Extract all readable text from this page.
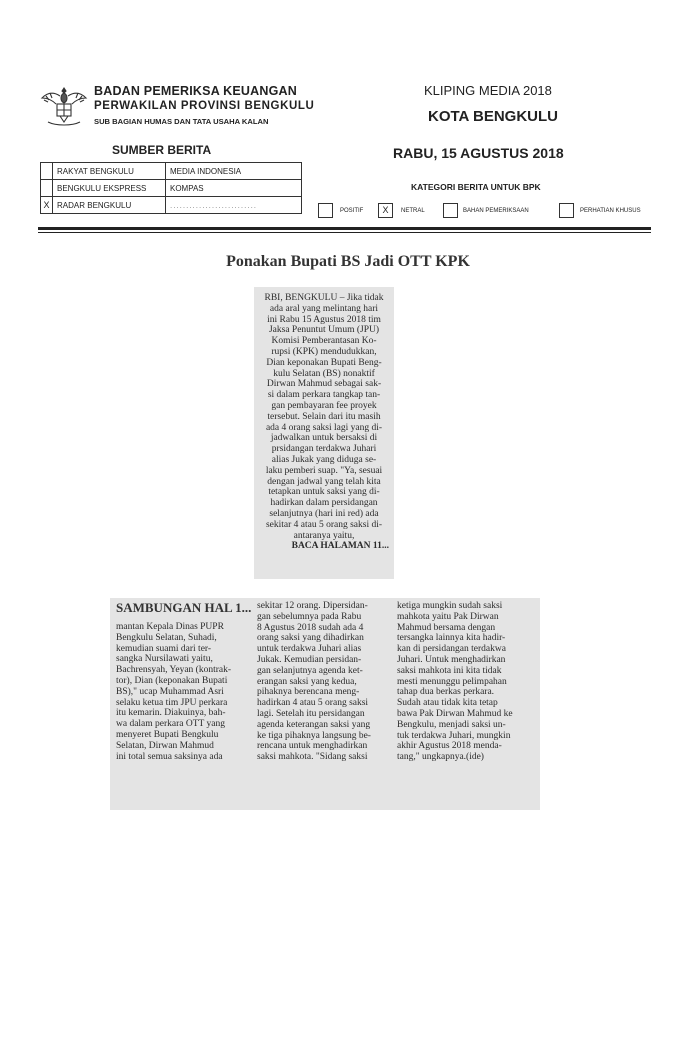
BADAN PEMERIKSA KEUANGAN
PERWAKILAN PROVINSI BENGKULU
SUB BAGIAN HUMAS DAN TATA USAHA KALAN
KLIPING MEDIA 2018
KOTA BENGKULU
RABU, 15 AGUSTUS 2018
SUMBER BERITA
	RAKYAT BENGKULU	MEDIA INDONESIA
	BENGKULU EKSPRESS	KOMPAS
X	RADAR BENGKULU	...........................
KATEGORI BERITA UNTUK BPK
POSITIF	X	NETRAL	BAHAN PEMERIKSAAN	PERHATIAN KHUSUS
Ponakan Bupati BS Jadi OTT KPK
RBI, BENGKULU – Jika tidak
ada aral yang melintang hari
ini Rabu 15 Agustus 2018 tim
Jaksa Penuntut Umum (JPU)
Komisi Pemberantasan Ko-
rupsi (KPK) mendudukkan,
Dian keponakan Bupati Beng-
kulu Selatan (BS) nonaktif
Dirwan Mahmud sebagai sak-
si dalam perkara tangkap tan-
gan pembayaran fee proyek
tersebut. Selain dari itu masih
ada 4 orang saksi lagi yang di-
jadwalkan untuk bersaksi di
prsidangan terdakwa Juhari
alias Jukak yang diduga se-
laku pemberi suap. "Ya, sesuai
dengan jadwal yang telah kita
tetapkan untuk saksi yang di-
hadirkan dalam persidangan
selanjutnya (hari ini red) ada
sekitar 4 atau 5 orang saksi di-
antaranya yaitu,
BACA HALAMAN 11...
SAMBUNGAN HAL 1...
mantan Kepala Dinas PUPR
Bengkulu Selatan, Suhadi,
kemudian suami dari ter-
sangka Nursilawati yaitu,
Bachrensyah, Yeyan (kontrak-
tor), Dian (keponakan Bupati
BS)," ucap Muhammad Asri
selaku ketua tim JPU perkara
itu kemarin. Diakuinya, bah-
wa dalam perkara OTT yang
menyeret Bupati Bengkulu
Selatan, Dirwan Mahmud
ini total semua saksinya ada
sekitar 12 orang. Dipersidan-
gan sebelumnya pada Rabu
8 Agustus 2018 sudah ada 4
orang saksi yang dihadirkan
untuk terdakwa Juhari alias
Jukak. Kemudian persidan-
gan selanjutnya agenda ket-
erangan saksi yang kedua,
pihaknya berencana meng-
hadirkan 4 atau 5 orang saksi
lagi. Setelah itu persidangan
agenda keterangan saksi yang
ke tiga pihaknya langsung be-
rencana untuk menghadirkan
saksi mahkota. "Sidang saksi
ketiga mungkin sudah saksi
mahkota yaitu Pak Dirwan
Mahmud bersama dengan
tersangka lainnya kita hadir-
kan di persidangan terdakwa
Juhari. Untuk menghadirkan
saksi mahkota ini kita tidak
mesti menunggu pelimpahan
tahap dua berkas perkara.
Sudah atau tidak kita tetap
bawa Pak Dirwan Mahmud ke
Bengkulu, menjadi saksi un-
tuk terdakwa Juhari, mungkin
akhir Agustus 2018 menda-
tang," ungkapnya.(ide)
